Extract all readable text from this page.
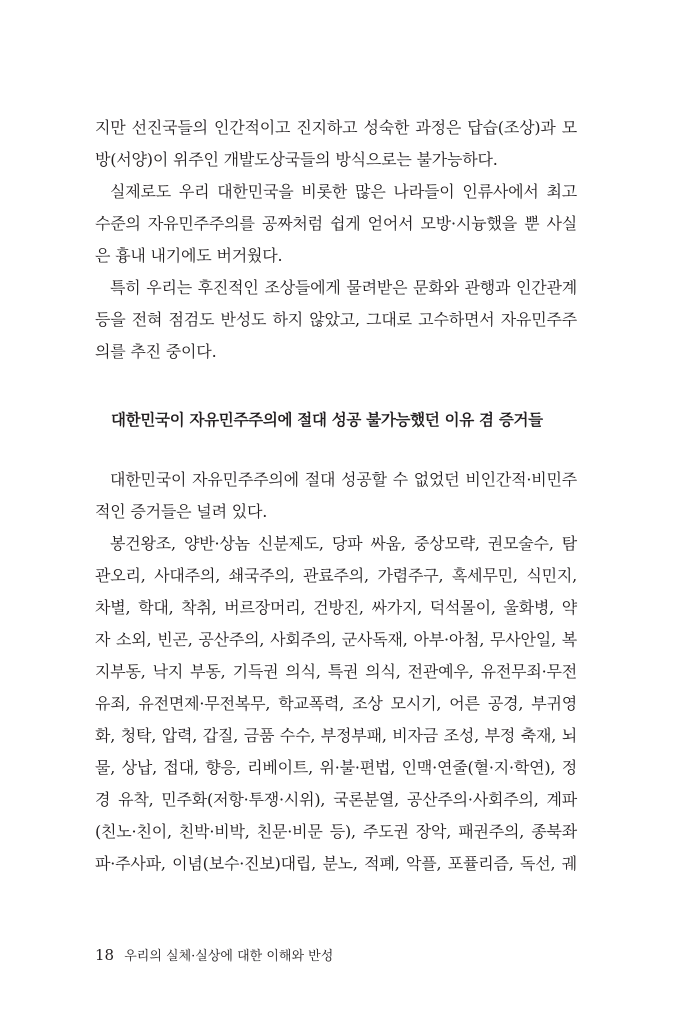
지만 선진국들의 인간적이고 진지하고 성숙한 과정은 답습(조상)과 모
방(서양)이 위주인 개발도상국들의 방식으로는 불가능하다.
실제로도 우리 대한민국을 비롯한 많은 나라들이 인류사에서 최고
수준의 자유민주주의를 공짜처럼 쉽게 얻어서 모방·시늉했을 뿐 사실
은 흉내 내기에도 버거웠다.
특히 우리는 후진적인 조상들에게 물려받은 문화와 관행과 인간관계
등을 전혀 점검도 반성도 하지 않았고, 그대로 고수하면서 자유민주주
의를 추진 중이다.
대한민국이 자유민주주의에 절대 성공 불가능했던 이유 겸 증거들
대한민국이 자유민주주의에 절대 성공할 수 없었던 비인간적·비민주
적인 증거들은 널려 있다.
봉건왕조, 양반·상놈 신분제도, 당파 싸움, 중상모략, 권모술수, 탐
관오리, 사대주의, 쇄국주의, 관료주의, 가렴주구, 혹세무민, 식민지,
차별, 학대, 착취, 버르장머리, 건방진, 싸가지, 덕석몰이, 울화병, 약
자 소외, 빈곤, 공산주의, 사회주의, 군사독재, 아부·아첨, 무사안일, 복
지부동, 낙지 부동, 기득권 의식, 특권 의식, 전관예우, 유전무죄·무전
유죄, 유전면제·무전복무, 학교폭력, 조상 모시기, 어른 공경, 부귀영
화, 청탁, 압력, 갑질, 금품 수수, 부정부패, 비자금 조성, 부정 축재, 뇌
물, 상납, 접대, 향응, 리베이트, 위·불·편법, 인맥·연줄(혈·지·학연), 정
경 유착, 민주화(저항·투쟁·시위), 국론분열, 공산주의·사회주의, 계파
(친노·친이, 친박·비박, 친문·비문 등), 주도권 장악, 패권주의, 종북좌
파·주사파, 이념(보수·진보)대립, 분노, 적폐, 악플, 포퓰리즘, 독선, 궤
18 우리의 실체·실상에 대한 이해와 반성
